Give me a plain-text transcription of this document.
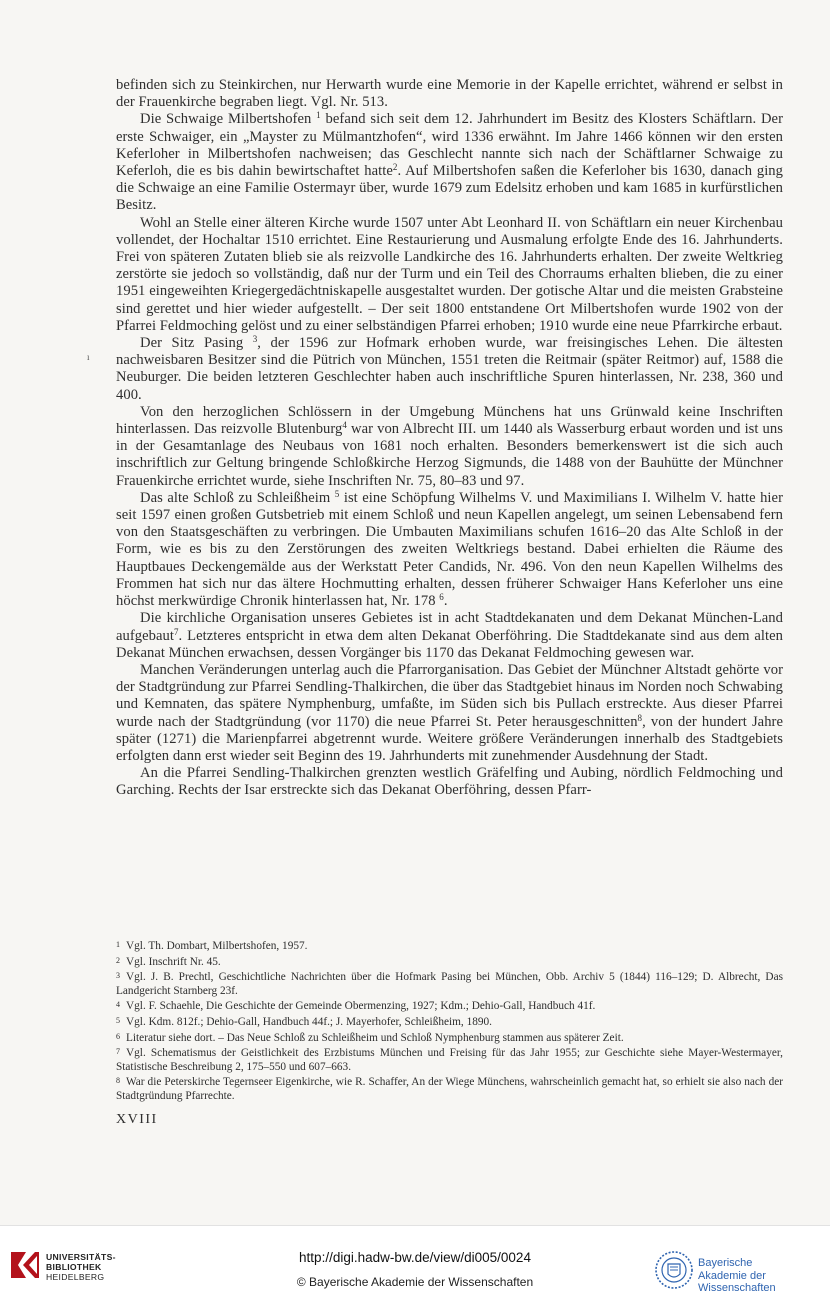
befinden sich zu Steinkirchen, nur Herwarth wurde eine Memorie in der Kapelle errichtet, während er selbst in der Frauenkirche begraben liegt. Vgl. Nr. 513.

Die Schwaige Milbertshofen $^1$ befand sich seit dem 12. Jahrhundert im Besitz des Klosters Schäftlarn. Der erste Schwaiger, ein „Mayster zu Mülmantzhofen“, wird 1336 erwähnt. Im Jahre 1466 können wir den ersten Keferloher in Milbertshofen nachweisen; das Geschlecht nannte sich nach der Schäftlarner Schwaige zu Keferloh, die es bis dahin bewirtschaftet hatte$^2$. Auf Milbertshofen saßen die Keferloher bis 1630, danach ging die Schwaige an eine Familie Ostermayr über, wurde 1679 zum Edelsitz erhoben und kam 1685 in kurfürstlichen Besitz.

Wohl an Stelle einer älteren Kirche wurde 1507 unter Abt Leonhard II. von Schäftlarn ein neuer Kirchenbau vollendet, der Hochaltar 1510 errichtet. Eine Restaurierung und Ausmalung erfolgte Ende des 16. Jahrhunderts. Frei von späteren Zutaten blieb sie als reizvolle Landkirche des 16. Jahrhunderts erhalten. Der zweite Weltkrieg zerstörte sie jedoch so vollständig, daß nur der Turm und ein Teil des Chorraums erhalten blieben, die zu einer 1951 eingeweihten Kriegergedächtniskapelle ausgestaltet wurden. Der gotische Altar und die meisten Grabsteine sind gerettet und hier wieder aufgestellt. – Der seit 1800 entstandene Ort Milbertshofen wurde 1902 von der Pfarrei Feldmoching gelöst und zu einer selbständigen Pfarrei erhoben; 1910 wurde eine neue Pfarrkirche erbaut.

Der Sitz Pasing $^3$, der 1596 zur Hofmark erhoben wurde, war freisingisches Lehen. Die ältesten nachweisbaren Besitzer sind die Pütrich von München, 1551 treten die Reitmair (später Reitmor) auf, 1588 die Neuburger. Die beiden letzteren Geschlechter haben auch inschriftliche Spuren hinterlassen, Nr. 238, 360 und 400.

Von den herzoglichen Schlössern in der Umgebung Münchens hat uns Grünwald keine Inschriften hinterlassen. Das reizvolle Blutenburg$^4$ war von Albrecht III. um 1440 als Wasserburg erbaut worden und ist uns in der Gesamtanlage des Neubaus von 1681 noch erhalten. Besonders bemerkenswert ist die sich auch inschriftlich zur Geltung bringende Schloßkirche Herzog Sigmunds, die 1488 von der Bauhütte der Münchner Frauenkirche errichtet wurde, siehe Inschriften Nr. 75, 80–83 und 97.

Das alte Schloß zu Schleißheim $^5$ ist eine Schöpfung Wilhelms V. und Maximilians I. Wilhelm V. hatte hier seit 1597 einen großen Gutsbetrieb mit einem Schloß und neun Kapellen angelegt, um seinen Lebensabend fern von den Staatsgeschäften zu verbringen. Die Umbauten Maximilians schufen 1616–20 das Alte Schloß in der Form, wie es bis zu den Zerstörungen des zweiten Weltkriegs bestand. Dabei erhielten die Räume des Hauptbaues Deckengemälde aus der Werkstatt Peter Candids, Nr. 496. Von den neun Kapellen Wilhelms des Frommen hat sich nur das ältere Hochmutting erhalten, dessen früherer Schwaiger Hans Keferloher uns eine höchst merkwürdige Chronik hinterlassen hat, Nr. 178 $^6$.

Die kirchliche Organisation unseres Gebietes ist in acht Stadtdekanaten und dem Dekanat München-Land aufgebaut$^7$. Letzteres entspricht in etwa dem alten Dekanat Oberföhring. Die Stadtdekanate sind aus dem alten Dekanat München erwachsen, dessen Vorgänger bis 1170 das Dekanat Feldmoching gewesen war.

Manchen Veränderungen unterlag auch die Pfarrorganisation. Das Gebiet der Münchner Altstadt gehörte vor der Stadtgründung zur Pfarrei Sendling-Thalkirchen, die über das Stadtgebiet hinaus im Norden noch Schwabing und Kemnaten, das spätere Nymphenburg, umfaßte, im Süden sich bis Pullach erstreckte. Aus dieser Pfarrei wurde nach der Stadtgründung (vor 1170) die neue Pfarrei St. Peter herausgeschnitten$^8$, von der hundert Jahre später (1271) die Marienpfarrei abgetrennt wurde. Weitere größere Veränderungen innerhalb des Stadtgebiets erfolgten dann erst wieder seit Beginn des 19. Jahrhunderts mit zunehmender Ausdehnung der Stadt.

An die Pfarrei Sendling-Thalkirchen grenzten westlich Gräfelfing und Aubing, nördlich Feldmoching und Garching. Rechts der Isar erstreckte sich das Dekanat Oberföhring, dessen Pfarr-

ı

1 Vgl. Th. Dombart, Milbertshofen, 1957.

2 Vgl. Inschrift Nr. 45.

3 Vgl. J. B. Prechtl, Geschichtliche Nachrichten über die Hofmark Pasing bei München, Obb. Archiv 5 (1844) 116–129; D. Albrecht, Das Landgericht Starnberg 23f.

4 Vgl. F. Schaehle, Die Geschichte der Gemeinde Obermenzing, 1927; Kdm.; Dehio-Gall, Handbuch 41f.

5 Vgl. Kdm. 812f.; Dehio-Gall, Handbuch 44f.; J. Mayerhofer, Schleißheim, 1890.

6 Literatur siehe dort. – Das Neue Schloß zu Schleißheim und Schloß Nymphenburg stammen aus späterer Zeit.

7 Vgl. Schematismus der Geistlichkeit des Erzbistums München und Freising für das Jahr 1955; zur Geschichte siehe Mayer-Westermayer, Statistische Beschreibung 2, 175–550 und 607–663.

8 War die Peterskirche Tegernseer Eigenkirche, wie R. Schaffer, An der Wiege Münchens, wahrscheinlich gemacht hat, so erhielt sie also nach der Stadtgründung Pfarrechte.

XVIII
UNIVERSITÄTS-
BIBLIOTHEK

HEIDELBERG
http://digi.hadw-bw.de/view/di005/0024
© Bayerische Akademie der Wissenschaften
Bayerische
Akademie der Wissenschaften
